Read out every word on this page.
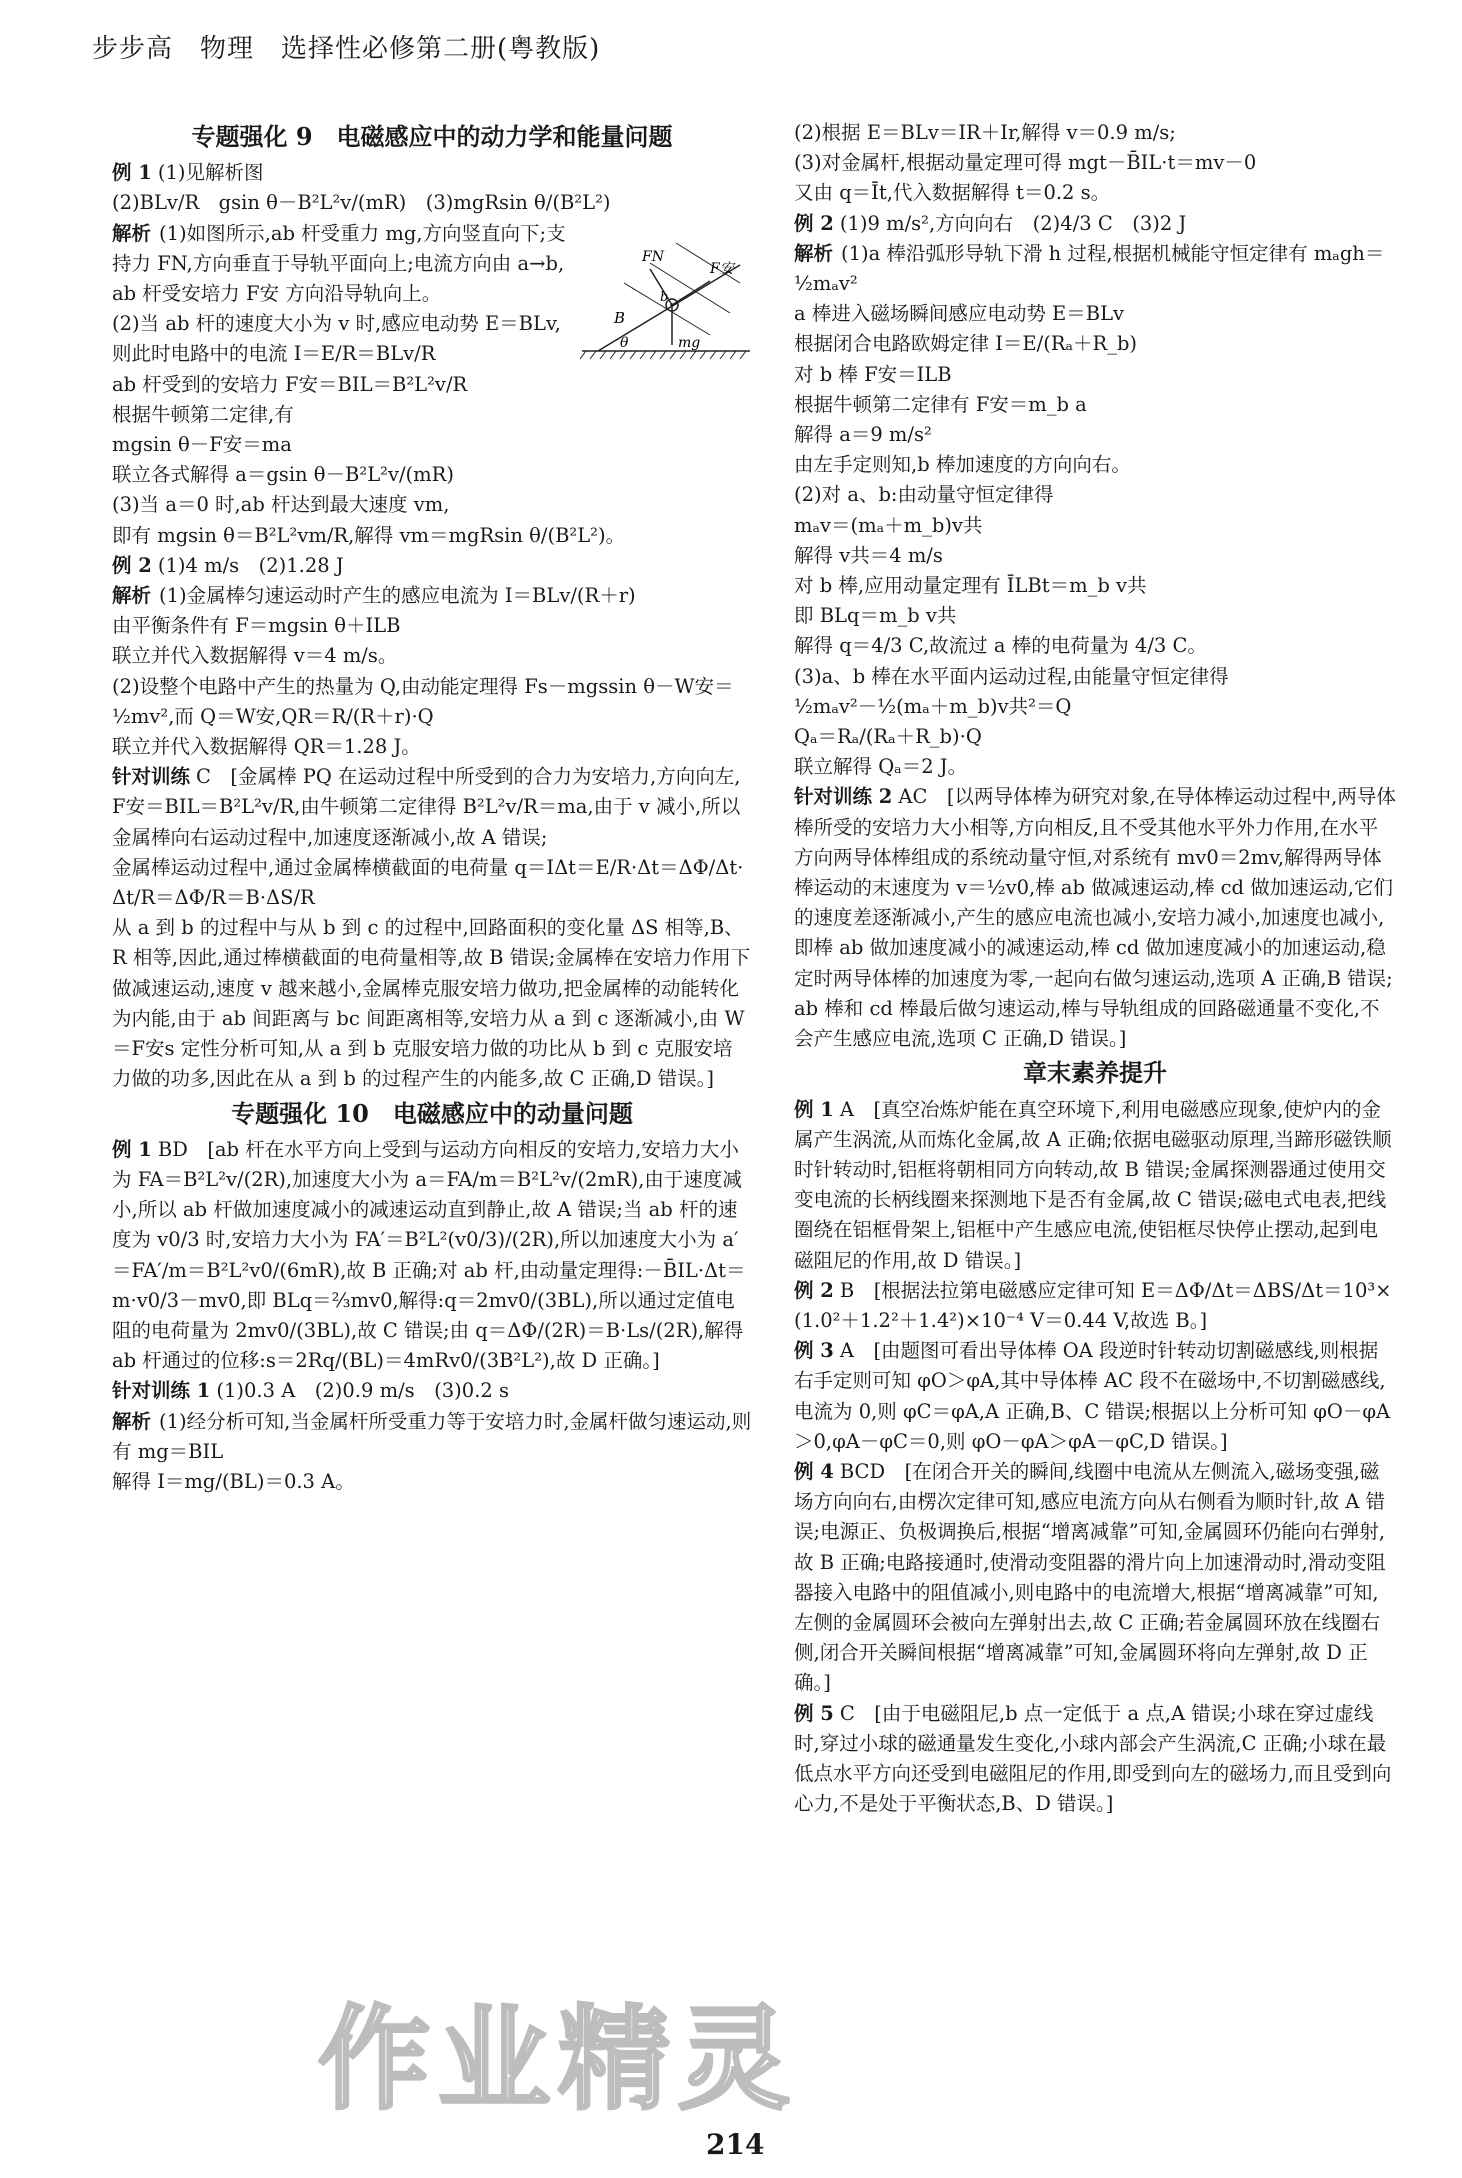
步步高　物理　选择性必修第二册(粤教版)

专题强化 9　电磁感应中的动力学和能量问题

例 1 (1)见解析图

(2)BLv/R　gsin θ－B²L²v/(mR)　(3)mgRsin θ/(B²L²)

B
FN
F安
b
θ	mg
解析 (1)如图所示,ab 杆受重力 mg,方向竖直向下;支持力 FN,方向垂直于导轨平面向上;电流方向由 a→b,ab 杆受安培力 F安 方向沿导轨向上。

(2)当 ab 杆的速度大小为 v 时,感应电动势 E＝BLv,

则此时电路中的电流 I＝E/R＝BLv/R

ab 杆受到的安培力 F安＝BIL＝B²L²v/R

根据牛顿第二定律,有

mgsin θ－F安＝ma

联立各式解得 a＝gsin θ－B²L²v/(mR)

(3)当 a＝0 时,ab 杆达到最大速度 vm,

即有 mgsin θ＝B²L²vm/R,解得 vm＝mgRsin θ/(B²L²)。

例 2 (1)4 m/s　(2)1.28 J

解析 (1)金属棒匀速运动时产生的感应电流为 I＝BLv/(R＋r)

由平衡条件有 F＝mgsin θ＋ILB

联立并代入数据解得 v＝4 m/s。

(2)设整个电路中产生的热量为 Q,由动能定理得 Fs－mgssin θ－W安＝½mv²,而 Q＝W安,QR＝R/(R＋r)·Q

联立并代入数据解得 QR＝1.28 J。

针对训练 C　[金属棒 PQ 在运动过程中所受到的合力为安培力,方向向左,F安＝BIL＝B²L²v/R,由牛顿第二定律得 B²L²v/R＝ma,由于 v 减小,所以金属棒向右运动过程中,加速度逐渐减小,故 A 错误;

金属棒运动过程中,通过金属棒横截面的电荷量 q＝IΔt＝E/R·Δt＝ΔΦ/Δt·Δt/R＝ΔΦ/R＝B·ΔS/R

从 a 到 b 的过程中与从 b 到 c 的过程中,回路面积的变化量 ΔS 相等,B、R 相等,因此,通过棒横截面的电荷量相等,故 B 错误;金属棒在安培力作用下做减速运动,速度 v 越来越小,金属棒克服安培力做功,把金属棒的动能转化为内能,由于 ab 间距离与 bc 间距离相等,安培力从 a 到 c 逐渐减小,由 W＝F安s 定性分析可知,从 a 到 b 克服安培力做的功比从 b 到 c 克服安培力做的功多,因此在从 a 到 b 的过程产生的内能多,故 C 正确,D 错误。]

专题强化 10　电磁感应中的动量问题

例 1 BD　[ab 杆在水平方向上受到与运动方向相反的安培力,安培力大小为 FA＝B²L²v/(2R),加速度大小为 a＝FA/m＝B²L²v/(2mR),由于速度减小,所以 ab 杆做加速度减小的减速运动直到静止,故 A 错误;当 ab 杆的速度为 v0/3 时,安培力大小为 FA′＝B²L²(v0/3)/(2R),所以加速度大小为 a′＝FA′/m＝B²L²v0/(6mR),故 B 正确;对 ab 杆,由动量定理得:－B̄IL·Δt＝m·v0/3－mv0,即 BLq＝⅔mv0,解得:q＝2mv0/(3BL),所以通过定值电阻的电荷量为 2mv0/(3BL),故 C 错误;由 q＝ΔΦ/(2R)＝B·Ls/(2R),解得 ab 杆通过的位移:s＝2Rq/(BL)＝4mRv0/(3B²L²),故 D 正确。]

针对训练 1 (1)0.3 A　(2)0.9 m/s　(3)0.2 s

解析 (1)经分析可知,当金属杆所受重力等于安培力时,金属杆做匀速运动,则有 mg＝BIL

解得 I＝mg/(BL)＝0.3 A。

(2)根据 E＝BLv＝IR＋Ir,解得 v＝0.9 m/s;

(3)对金属杆,根据动量定理可得 mgt－B̄IL·t＝mv－0

又由 q＝Īt,代入数据解得 t＝0.2 s。

例 2 (1)9 m/s²,方向向右　(2)4/3 C　(3)2 J

解析 (1)a 棒沿弧形导轨下滑 h 过程,根据机械能守恒定律有 mₐgh＝½mₐv²

a 棒进入磁场瞬间感应电动势 E＝BLv

根据闭合电路欧姆定律 I＝E/(Rₐ＋R_b)

对 b 棒 F安＝ILB

根据牛顿第二定律有 F安＝m_b a

解得 a＝9 m/s²

由左手定则知,b 棒加速度的方向向右。

(2)对 a、b:由动量守恒定律得

mₐv＝(mₐ＋m_b)v共

解得 v共＝4 m/s

对 b 棒,应用动量定理有 ĪLBt＝m_b v共

即 BLq＝m_b v共

解得 q＝4/3 C,故流过 a 棒的电荷量为 4/3 C。

(3)a、b 棒在水平面内运动过程,由能量守恒定律得

½mₐv²－½(mₐ＋m_b)v共²＝Q

Qₐ＝Rₐ/(Rₐ＋R_b)·Q

联立解得 Qₐ＝2 J。

针对训练 2 AC　[以两导体棒为研究对象,在导体棒运动过程中,两导体棒所受的安培力大小相等,方向相反,且不受其他水平外力作用,在水平方向两导体棒组成的系统动量守恒,对系统有 mv0＝2mv,解得两导体棒运动的末速度为 v＝½v0,棒 ab 做减速运动,棒 cd 做加速运动,它们的速度差逐渐减小,产生的感应电流也减小,安培力减小,加速度也减小,即棒 ab 做加速度减小的减速运动,棒 cd 做加速度减小的加速运动,稳定时两导体棒的加速度为零,一起向右做匀速运动,选项 A 正确,B 错误;ab 棒和 cd 棒最后做匀速运动,棒与导轨组成的回路磁通量不变化,不会产生感应电流,选项 C 正确,D 错误。]

章末素养提升

例 1 A　[真空冶炼炉能在真空环境下,利用电磁感应现象,使炉内的金属产生涡流,从而炼化金属,故 A 正确;依据电磁驱动原理,当蹄形磁铁顺时针转动时,铝框将朝相同方向转动,故 B 错误;金属探测器通过使用交变电流的长柄线圈来探测地下是否有金属,故 C 错误;磁电式电表,把线圈绕在铝框骨架上,铝框中产生感应电流,使铝框尽快停止摆动,起到电磁阻尼的作用,故 D 错误。]

例 2 B　[根据法拉第电磁感应定律可知 E＝ΔΦ/Δt＝ΔBS/Δt＝10³×(1.0²＋1.2²＋1.4²)×10⁻⁴ V＝0.44 V,故选 B。]

例 3 A　[由题图可看出导体棒 OA 段逆时针转动切割磁感线,则根据右手定则可知 φO＞φA,其中导体棒 AC 段不在磁场中,不切割磁感线,电流为 0,则 φC＝φA,A 正确,B、C 错误;根据以上分析可知 φO－φA＞0,φA－φC＝0,则 φO－φA＞φA－φC,D 错误。]

例 4 BCD　[在闭合开关的瞬间,线圈中电流从左侧流入,磁场变强,磁场方向向右,由楞次定律可知,感应电流方向从右侧看为顺时针,故 A 错误;电源正、负极调换后,根据“增离减靠”可知,金属圆环仍能向右弹射,故 B 正确;电路接通时,使滑动变阻器的滑片向上加速滑动时,滑动变阻器接入电路中的阻值减小,则电路中的电流增大,根据“增离减靠”可知,左侧的金属圆环会被向左弹射出去,故 C 正确;若金属圆环放在线圈右侧,闭合开关瞬间根据“增离减靠”可知,金属圆环将向左弹射,故 D 正确。]

例 5 C　[由于电磁阻尼,b 点一定低于 a 点,A 错误;小球在穿过虚线时,穿过小球的磁通量发生变化,小球内部会产生涡流,C 正确;小球在最低点水平方向还受到电磁阻尼的作用,即受到向左的磁场力,而且受到向心力,不是处于平衡状态,B、D 错误。]

214
作业精灵
